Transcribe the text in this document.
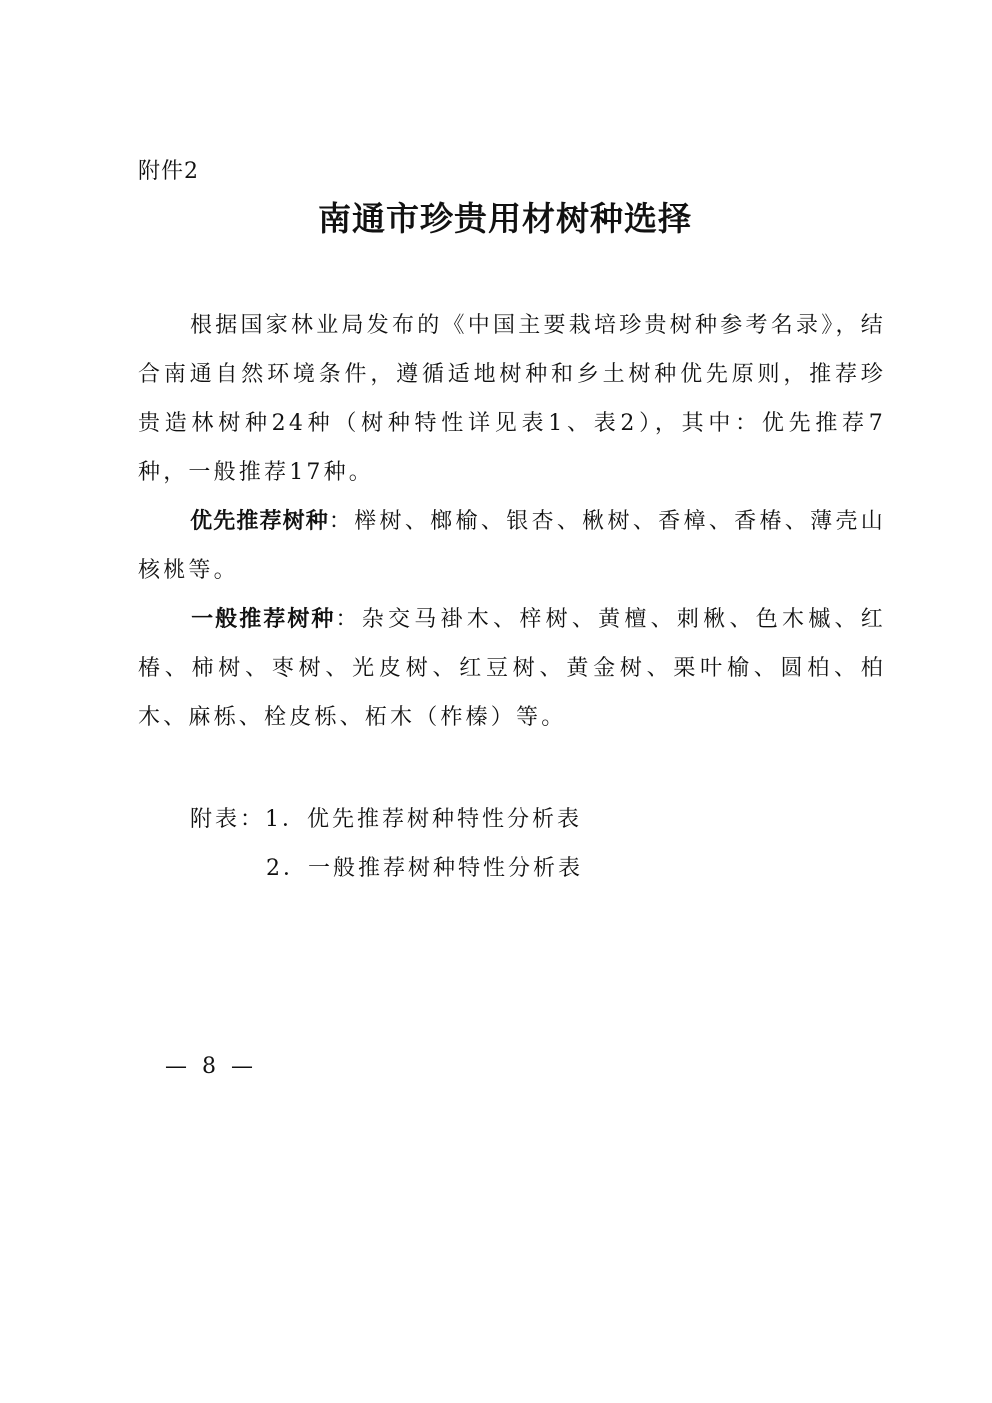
附件2
南通市珍贵用材树种选择
根据国家林业局发布的《中国主要栽培珍贵树种参考名录》，结合南通自然环境条件，遵循适地树种和乡土树种优先原则，推荐珍贵造林树种24种（树种特性详见表1、表2），其中：优先推荐7种，一般推荐17种。
优先推荐树种：榉树、榔榆、银杏、楸树、香樟、香椿、薄壳山核桃等。
一般推荐树种：杂交马褂木、梓树、黄檀、刺楸、色木槭、红椿、柿树、枣树、光皮树、红豆树、黄金树、栗叶榆、圆柏、柏木、麻栎、栓皮栎、柘木（柞榛）等。
附表：1．优先推荐树种特性分析表
2．一般推荐树种特性分析表
— 8 —
